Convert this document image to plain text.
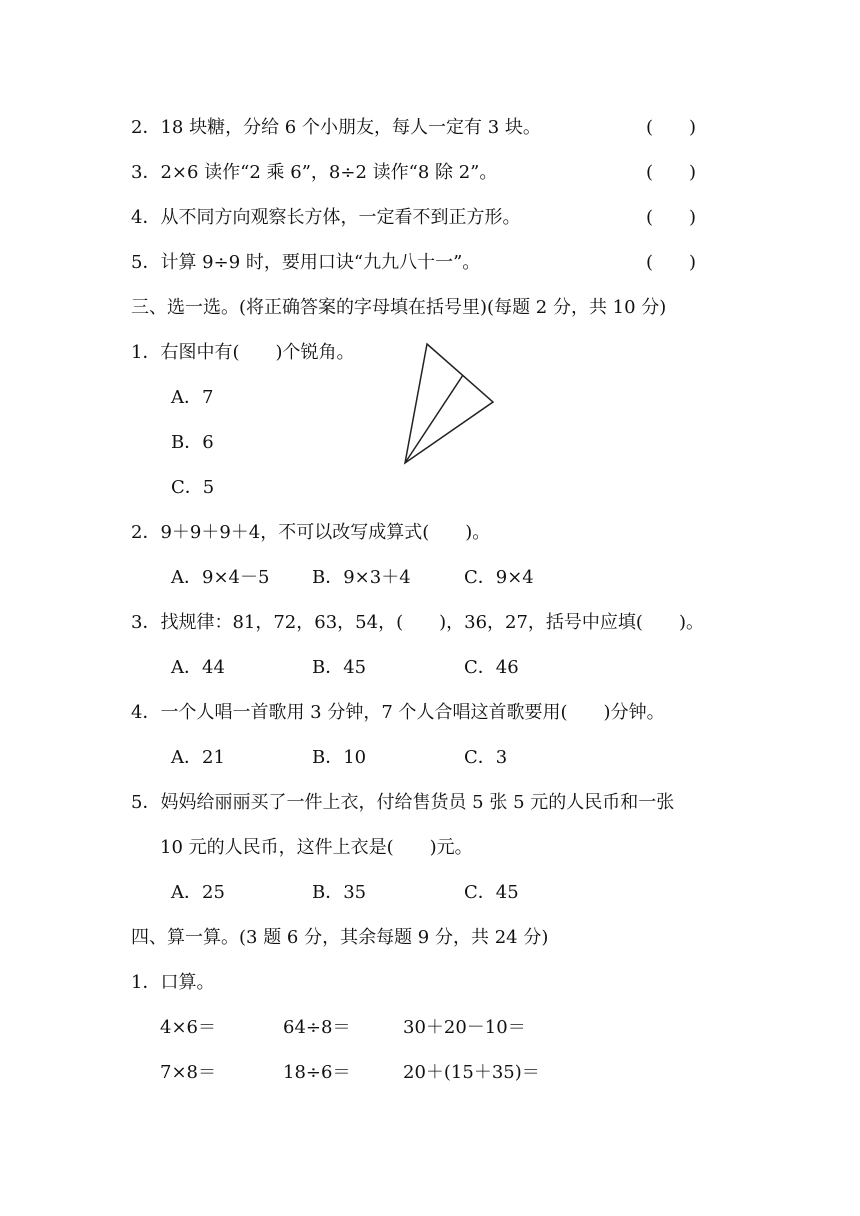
2．18 块糖，分给 6 个小朋友，每人一定有 3 块。	(　　)
3．2×6 读作“2 乘 6”，8÷2 读作“8 除 2”。	(　　)
4．从不同方向观察长方体，一定看不到正方形。	(　　)
5．计算 9÷9 时，要用口诀“九九八十一”。	(　　)
三、选一选。(将正确答案的字母填在括号里)(每题 2 分，共 10 分)
1．右图中有(　　)个锐角。
A．7
B．6
C．5
2．9＋9＋9＋4，不可以改写成算式(　　)。
A．9×4－5 B．9×3＋4	C．9×4
3．找规律：81，72，63，54，(　　)，36，27，括号中应填(　　)。
A．44	B．45	C．46
4．一个人唱一首歌用 3 分钟，7 个人合唱这首歌要用(　　)分钟。
A．21	B．10	C．3
5．妈妈给丽丽买了一件上衣，付给售货员 5 张 5 元的人民币和一张
10 元的人民币，这件上衣是(　　)元。
A．25	B．35	C．45
四、算一算。(3 题 6 分，其余每题 9 分，共 24 分)
1．口算。
4×6＝	64÷8＝	30＋20－10＝
7×8＝	18÷6＝	20＋(15＋35)＝
